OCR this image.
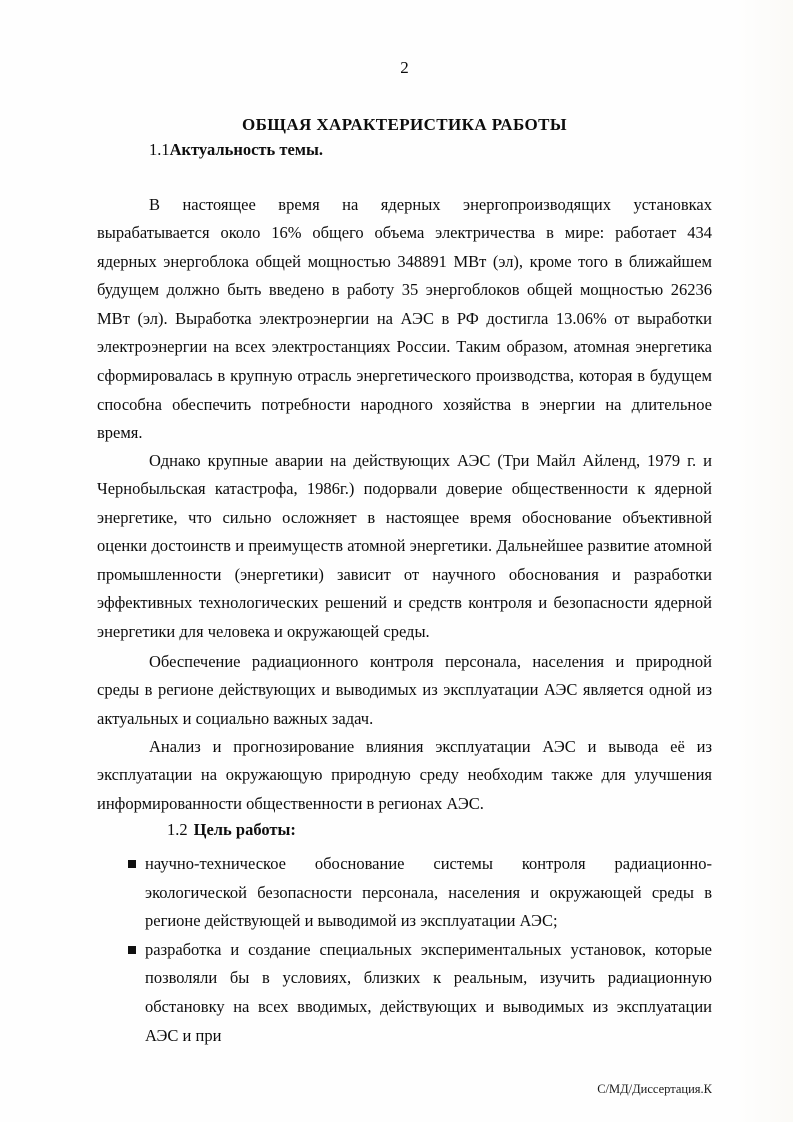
2
ОБЩАЯ ХАРАКТЕРИСТИКА РАБОТЫ
1.1Актуальность темы.

В настоящее время на ядерных энергопроизводящих установках вырабатывается около 16% общего объема электричества в мире: работает 434 ядерных энергоблока общей мощностью 348891 МВт (эл), кроме того в ближайшем будущем должно быть введено в работу 35 энергоблоков общей мощностью 26236 МВт (эл). Выработка электроэнергии на АЭС в РФ достигла 13.06% от выработки электроэнергии на всех электростанциях России. Таким образом, атомная энергетика сформировалась в крупную отрасль энергетического производства, которая в будущем способна обеспечить потребности народного хозяйства в энергии на длительное время.

Однако крупные аварии на действующих АЭС (Три Майл Айленд, 1979 г. и Чернобыльская катастрофа, 1986г.) подорвали доверие общественности к ядерной энергетике, что сильно осложняет в настоящее время обоснование объективной оценки достоинств и преимуществ атомной энергетики. Дальнейшее развитие атомной промышленности (энергетики) зависит от научного обоснования и разработки эффективных технологических решений и средств контроля и безопасности ядерной энергетики для человека и окружающей среды.

Обеспечение радиационного контроля персонала, населения и природной среды в регионе действующих и выводимых из эксплуатации АЭС является одной из актуальных и социально важных задач.

Анализ и прогнозирование влияния эксплуатации АЭС и вывода её из эксплуатации на окружающую природную среду необходим также для улучшения информированности общественности в регионах АЭС.

1.2 Цель работы:
научно-техническое обоснование системы контроля радиационно-экологической безопасности персонала, населения и окружающей среды в регионе действующей и выводимой из эксплуатации АЭС;
разработка и создание специальных экспериментальных установок, которые позволяли бы в условиях, близких к реальным, изучить радиационную обстановку на всех вводимых, действующих и выводимых из эксплуатации АЭС и при
С/МД/Диссертация.К
